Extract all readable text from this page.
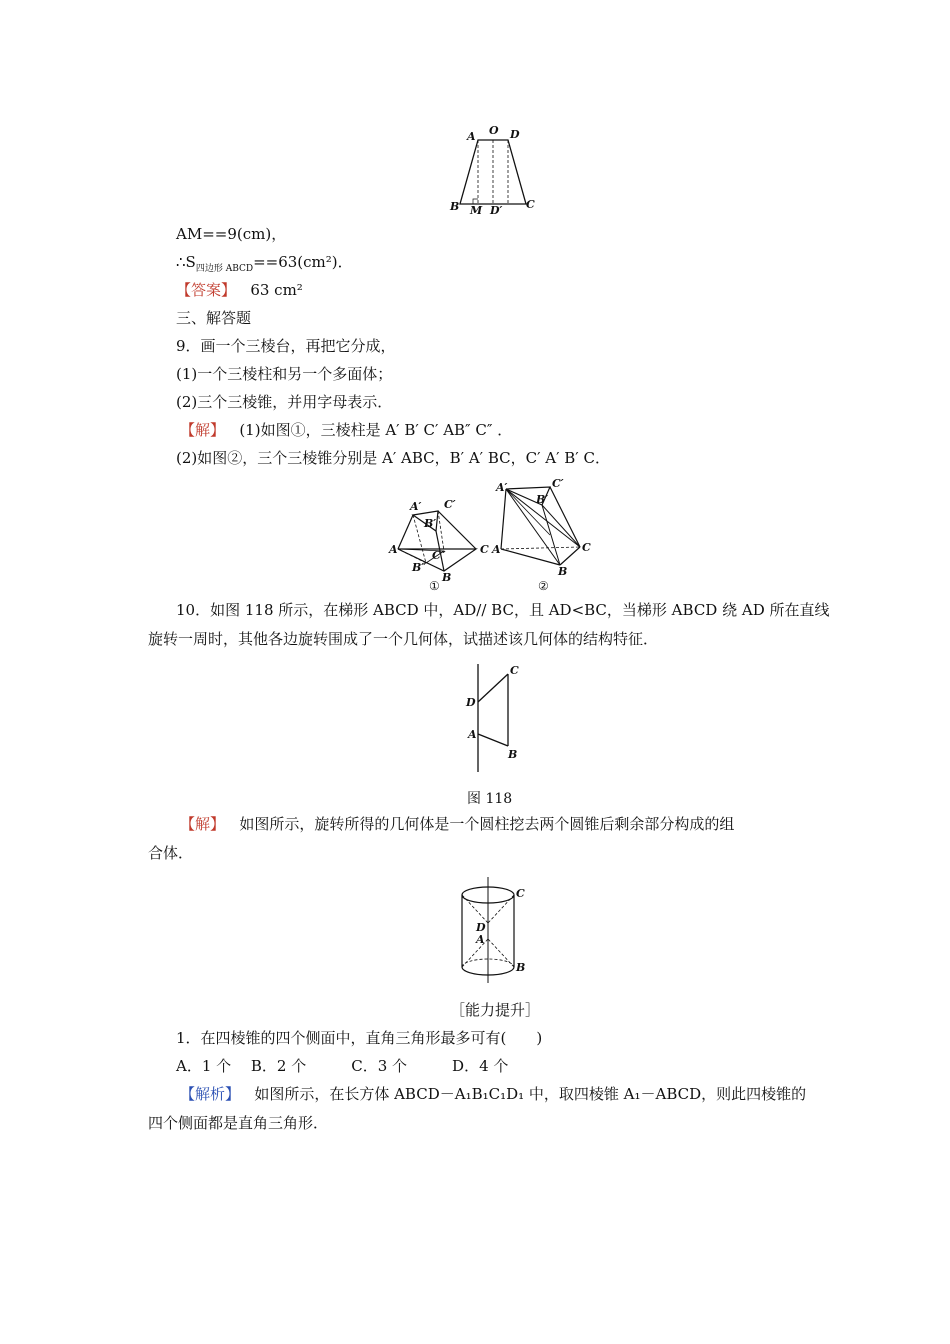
A O D
B M D′ C
AM==9(cm)，
$\therefore S_{四边形 ABCD}==63(cm^2)$．
【答案】 63 cm²
三、解答题
9．画一个三棱台，再把它分成，
(1)一个三棱柱和另一个多面体；
(2)三个三棱锥，并用字母表示．
【解】 (1)如图①，三棱柱是 A′ B′ C′ AB″ C″ ．
(2)如图②，三个三棱锥分别是 A′ ABC，B′ A′ BC，C′ A′ B′ C．
A′ C′
B′
A	C″	C
B″
B
①
A′	C′
B′
A	C
B
②
10．如图 118 所示，在梯形 ABCD 中，AD// BC，且 AD<BC，当梯形 ABCD 绕 AD 所在直线
旋转一周时，其他各边旋转围成了一个几何体，试描述该几何体的结构特征．
C
D
A
B
图 118
【解】 如图所示，旋转所得的几何体是一个圆柱挖去两个圆锥后剩余部分构成的组
合体．
C
D
A
B
［能力提升］
1．在四棱锥的四个侧面中，直角三角形最多可有(　　)
A．1 个　 B．2 个　　　C．3 个　　　D．4 个
【解析】 如图所示，在长方体 ABCD－A₁B₁C₁D₁ 中，取四棱锥 A₁－ABCD，则此四棱锥的
四个侧面都是直角三角形．
